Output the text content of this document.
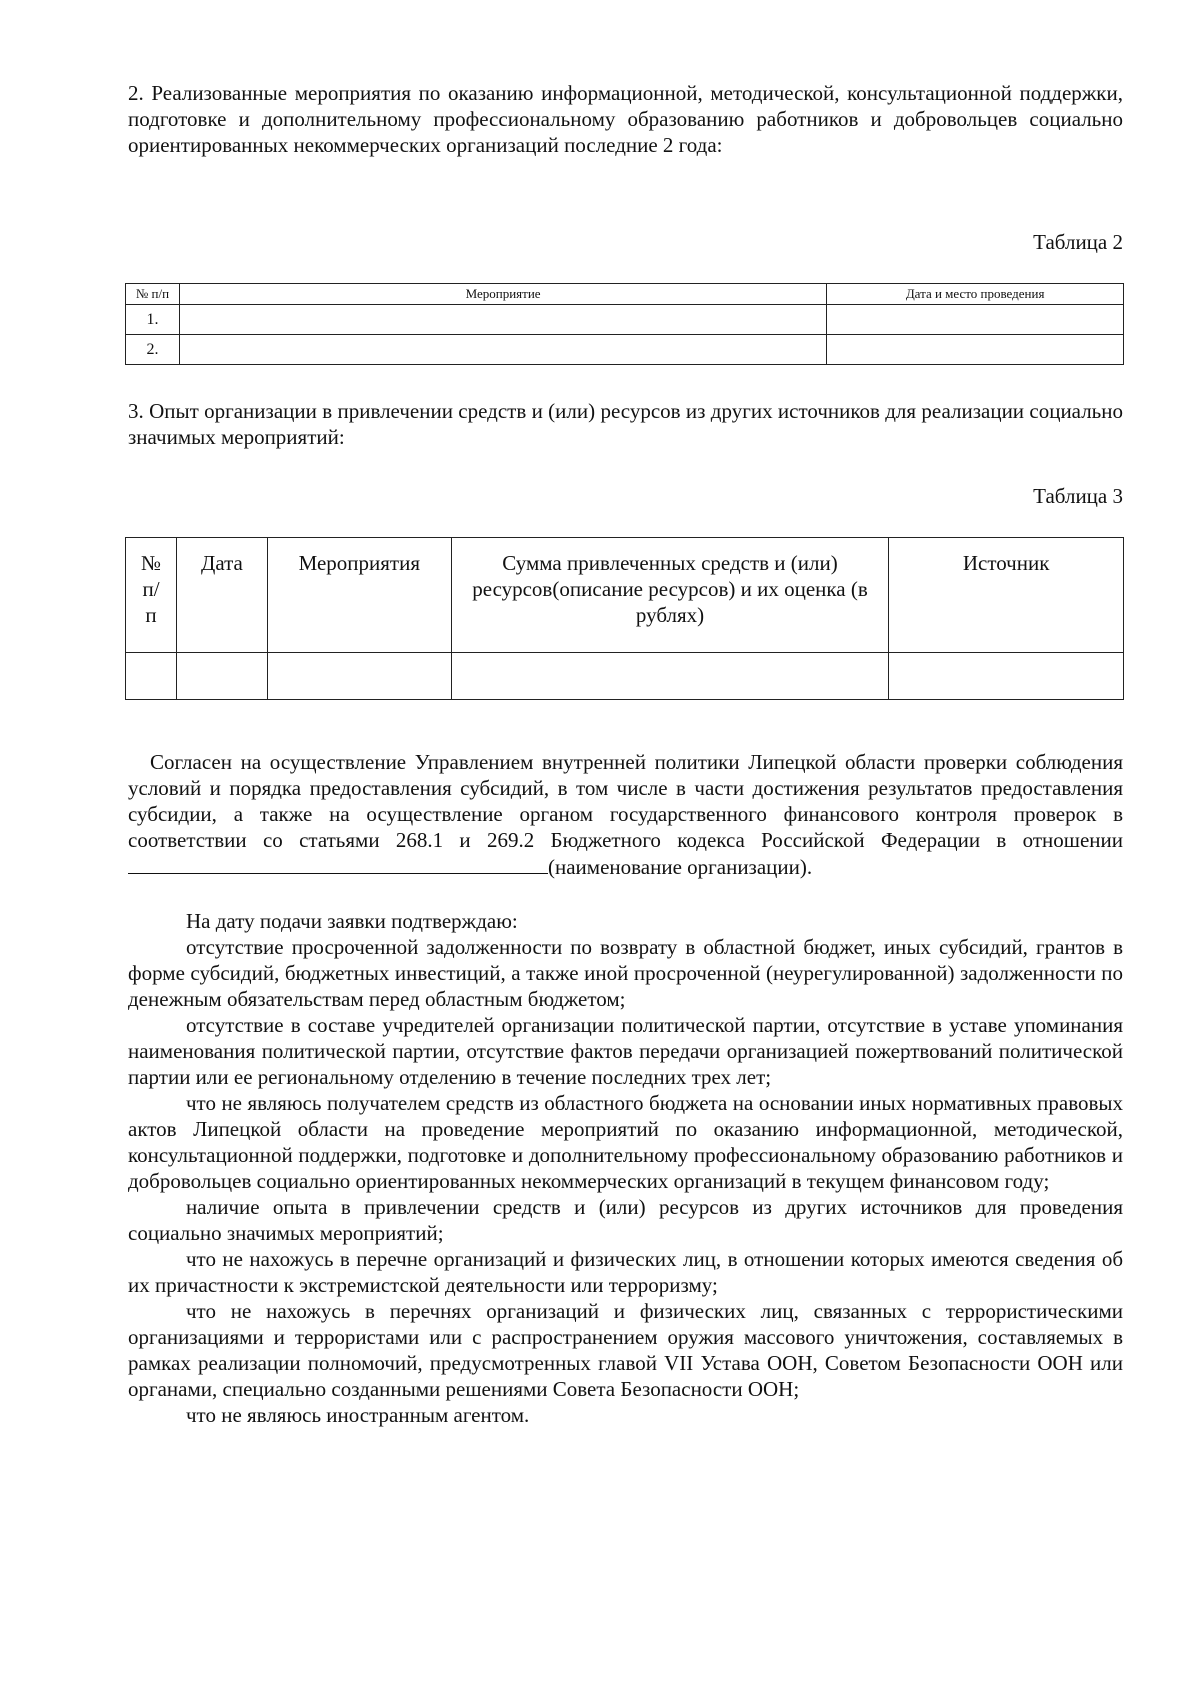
2. Реализованные мероприятия по оказанию информационной, методической, консультационной поддержки, подготовке и дополнительному профессиональному образованию работников и добровольцев социально ориентированных некоммерческих организаций последние 2 года:

Таблица 2

№ п/п	Мероприятие	Дата и место проведения
1.		
2.		

3. Опыт организации в привлечении средств и (или) ресурсов из других источников для реализации социально значимых мероприятий:

Таблица 3

№ п/п	Дата	Мероприятия	Сумма привлеченных средств и (или) ресурсов(описание ресурсов) и их оценка (в рублях)	Источник

Согласен на осуществление Управлением внутренней политики Липецкой области проверки соблюдения условий и порядка предоставления субсидий, в том числе в части достижения результатов предоставления субсидии, а также на осуществление органом государственного финансового контроля проверок в соответствии со статьями 268.1 и 269.2 Бюджетного кодекса Российской Федерации в отношении (наименование организации).

На дату подачи заявки подтверждаю:

отсутствие просроченной задолженности по возврату в областной бюджет, иных субсидий, грантов в форме субсидий, бюджетных инвестиций, а также иной просроченной (неурегулированной) задолженности по денежным обязательствам перед областным бюджетом;

отсутствие в составе учредителей организации политической партии, отсутствие в уставе упоминания наименования политической партии, отсутствие фактов передачи организацией пожертвований политической партии или ее региональному отделению в течение последних трех лет;

что не являюсь получателем средств из областного бюджета на основании иных нормативных правовых актов Липецкой области на проведение мероприятий по оказанию информационной, методической, консультационной поддержки, подготовке и дополнительному профессиональному образованию работников и добровольцев социально ориентированных некоммерческих организаций в текущем финансовом году;

наличие опыта в привлечении средств и (или) ресурсов из других источников для проведения социально значимых мероприятий;

что не нахожусь в перечне организаций и физических лиц, в отношении которых имеются сведения об их причастности к экстремистской деятельности или терроризму;

что не нахожусь в перечнях организаций и физических лиц, связанных с террористическими организациями и террористами или с распространением оружия массового уничтожения, составляемых в рамках реализации полномочий, предусмотренных главой VII Устава ООН, Советом Безопасности ООН или органами, специально созданными решениями Совета Безопасности ООН;

что не являюсь иностранным агентом.
